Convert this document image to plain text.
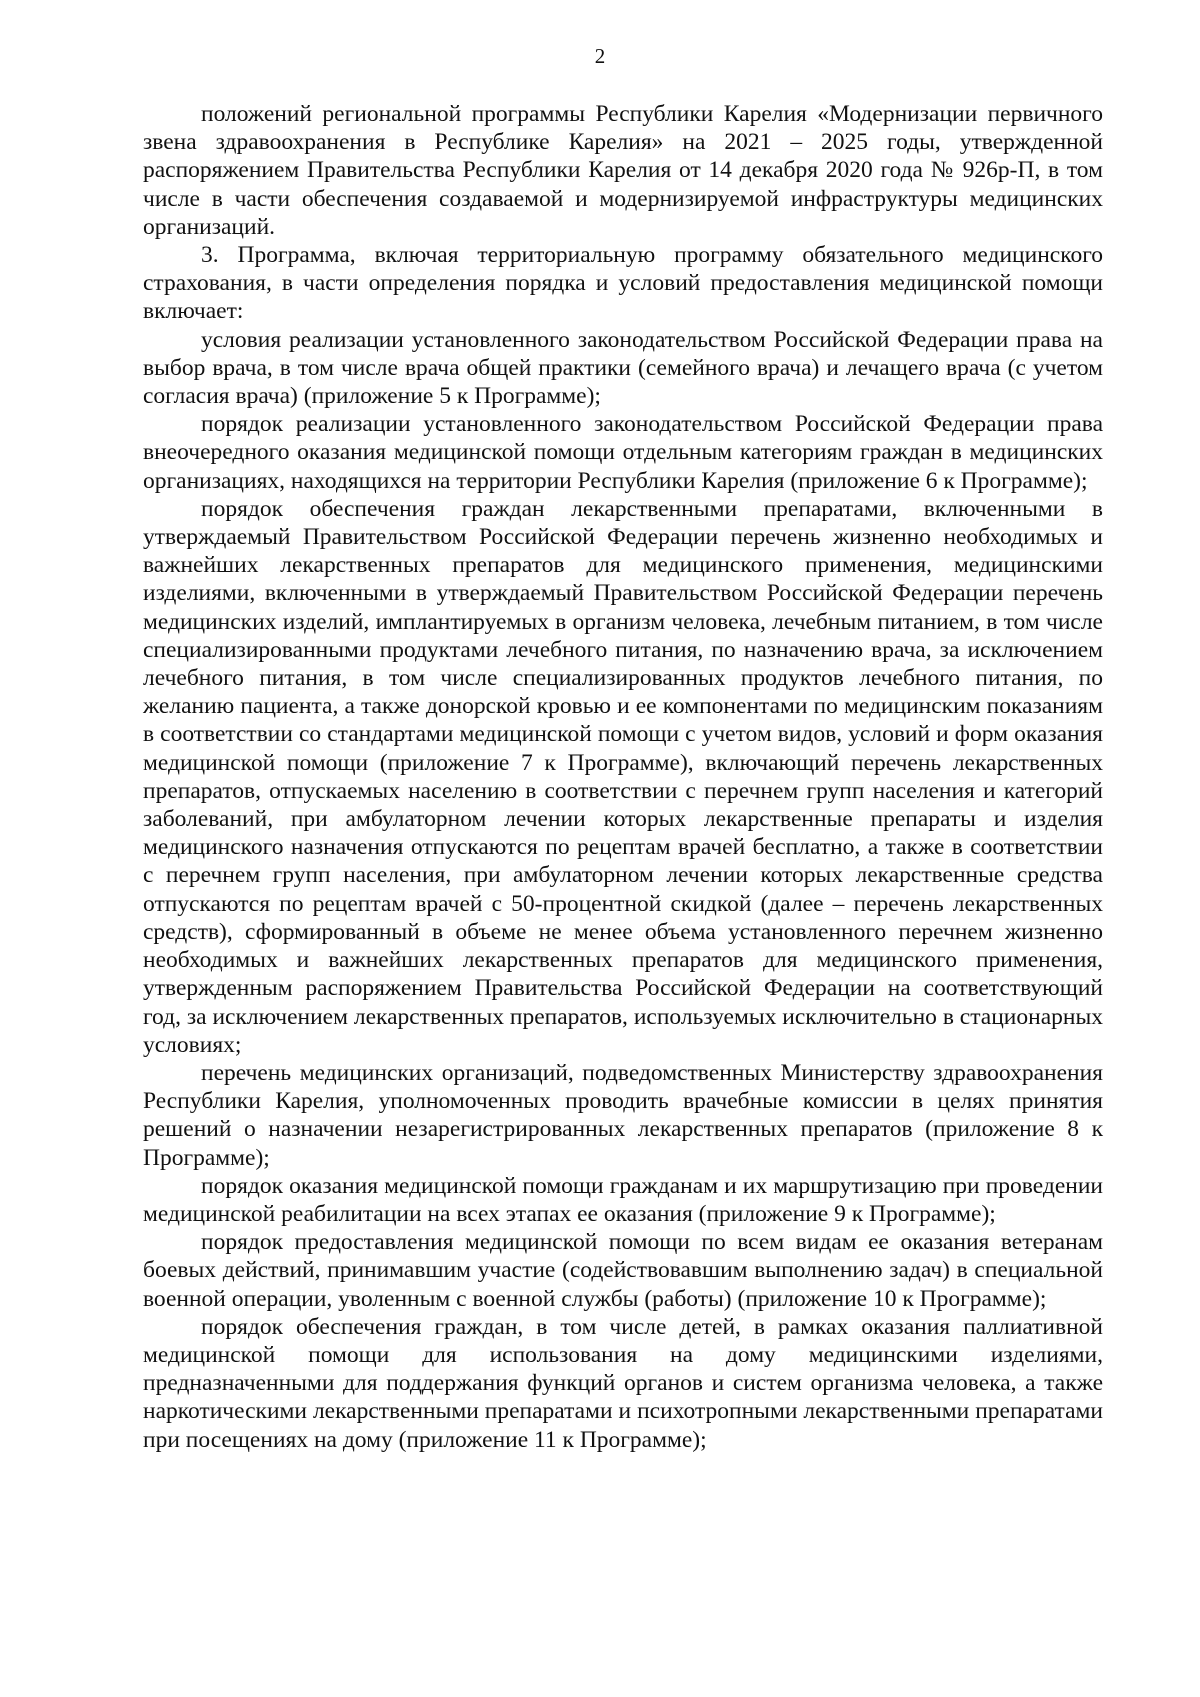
2

положений региональной программы Республики Карелия «Модернизации первичного звена здравоохранения в Республике Карелия» на 2021 – 2025 годы, утвержденной распоряжением Правительства Республики Карелия от 14 декабря 2020 года № 926р-П, в том числе в части обеспечения создаваемой и модернизируемой инфраструктуры медицинских организаций.

3. Программа, включая территориальную программу обязательного медицинского страхования, в части определения порядка и условий предоставления медицинской помощи включает:

условия реализации установленного законодательством Российской Федерации права на выбор врача, в том числе врача общей практики (семейного врача) и лечащего врача (с учетом согласия врача) (приложение 5 к Программе);

порядок реализации установленного законодательством Российской Федерации права внеочередного оказания медицинской помощи отдельным категориям граждан в медицинских организациях, находящихся на территории Республики Карелия (приложение 6 к Программе);

порядок обеспечения граждан лекарственными препаратами, включенными в утверждаемый Правительством Российской Федерации перечень жизненно необходимых и важнейших лекарственных препаратов для медицинского применения, медицинскими изделиями, включенными в утверждаемый Правительством Российской Федерации перечень медицинских изделий, имплантируемых в организм человека, лечебным питанием, в том числе специализированными продуктами лечебного питания, по назначению врача, за исключением лечебного питания, в том числе специализированных продуктов лечебного питания, по желанию пациента, а также донорской кровью и ее компонентами по медицинским показаниям в соответствии со стандартами медицинской помощи с учетом видов, условий и форм оказания медицинской помощи (приложение 7 к Программе), включающий перечень лекарственных препаратов, отпускаемых населению в соответствии с перечнем групп населения и категорий заболеваний, при амбулаторном лечении которых лекарственные препараты и изделия медицинского назначения отпускаются по рецептам врачей бесплатно, а также в соответствии с перечнем групп населения, при амбулаторном лечении которых лекарственные средства отпускаются по рецептам врачей с 50-процентной скидкой (далее – перечень лекарственных средств), сформированный в объеме не менее объема установленного перечнем жизненно необходимых и важнейших лекарственных препаратов для медицинского применения, утвержденным распоряжением Правительства Российской Федерации на соответствующий год, за исключением лекарственных препаратов, используемых исключительно в стационарных условиях;

перечень медицинских организаций, подведомственных Министерству здравоохранения Республики Карелия, уполномоченных проводить врачебные комиссии в целях принятия решений о назначении незарегистрированных лекарственных препаратов (приложение 8 к Программе);

порядок оказания медицинской помощи гражданам и их маршрутизацию при проведении медицинской реабилитации на всех этапах ее оказания (приложение 9 к Программе);

порядок предоставления медицинской помощи по всем видам ее оказания ветеранам боевых действий, принимавшим участие (содействовавшим выполнению задач) в специальной военной операции, уволенным с военной службы (работы) (приложение 10 к Программе);

порядок обеспечения граждан, в том числе детей, в рамках оказания паллиативной медицинской помощи для использования на дому медицинскими изделиями, предназначенными для поддержания функций органов и систем организма человека, а также наркотическими лекарственными препаратами и психотропными лекарственными препаратами при посещениях на дому (приложение 11 к Программе);
